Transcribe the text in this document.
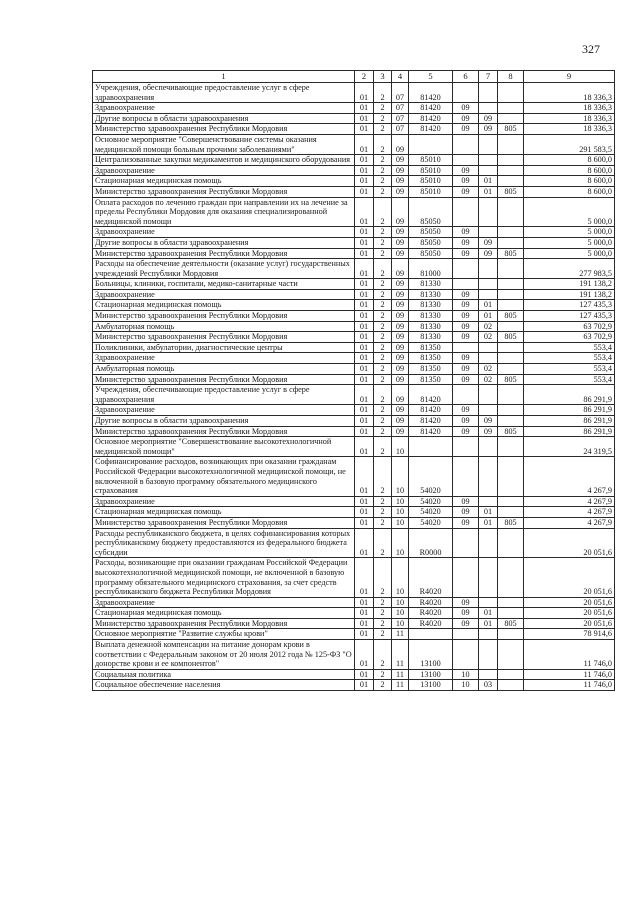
327
1	2	3	4	5	6	7	8	9
Учреждения, обеспечивающие предоставление услуг в сфере здравоохранения	01	2	07	81420				18 336,3
Здравоохранение	01	2	07	81420	09			18 336,3
Другие вопросы в области здравоохранения	01	2	07	81420	09	09		18 336,3
Министерство здравоохранения Республики Мордовия	01	2	07	81420	09	09	805	18 336,3
Основное мероприятие "Совершенствование системы оказания медицинской помощи больным прочими заболеваниями"	01	2	09					291 583,5
Централизованные закупки медикаментов и медицинского оборудования	01	2	09	85010				8 600,0
Здравоохранение	01	2	09	85010	09			8 600,0
Стационарная медицинская помощь	01	2	09	85010	09	01		8 600,0
Министерство здравоохранения Республики Мордовия	01	2	09	85010	09	01	805	8 600,0
Оплата расходов по лечению граждан при направлении их на лечение за пределы Республики Мордовия для оказания специализированной медицинской помощи	01	2	09	85050				5 000,0
Здравоохранение	01	2	09	85050	09			5 000,0
Другие вопросы в области здравоохранения	01	2	09	85050	09	09		5 000,0
Министерство здравоохранения Республики Мордовия	01	2	09	85050	09	09	805	5 000,0
Расходы на обеспечение деятельности (оказание услуг) государственных учреждений Республики Мордовия	01	2	09	81000				277 983,5
Больницы, клиники, госпитали, медико-санитарные части	01	2	09	81330				191 138,2
Здравоохранение	01	2	09	81330	09			191 138,2
Стационарная медицинская помощь	01	2	09	81330	09	01		127 435,3
Министерство здравоохранения Республики Мордовия	01	2	09	81330	09	01	805	127 435,3
Амбулаторная помощь	01	2	09	81330	09	02		63 702,9
Министерство здравоохранения Республики Мордовия	01	2	09	81330	09	02	805	63 702,9
Поликлиники, амбулатории, диагностические центры	01	2	09	81350				553,4
Здравоохранение	01	2	09	81350	09			553,4
Амбулаторная помощь	01	2	09	81350	09	02		553,4
Министерство здравоохранения Республики Мордовия	01	2	09	81350	09	02	805	553,4
Учреждения, обеспечивающие предоставление услуг в сфере здравоохранения	01	2	09	81420				86 291,9
Здравоохранение	01	2	09	81420	09			86 291,9
Другие вопросы в области здравоохранения	01	2	09	81420	09	09		86 291,9
Министерство здравоохранения Республики Мордовия	01	2	09	81420	09	09	805	86 291,9
Основное мероприятие "Совершенствование высокотехнологичной медицинской помощи"	01	2	10					24 319,5
Софинансирование расходов, возникающих при оказании гражданам Российской Федерации высокотехнологичной медицинской помощи, не включенной в базовую программу обязательного медицинского страхования	01	2	10	54020				4 267,9
Здравоохранение	01	2	10	54020	09			4 267,9
Стационарная медицинская помощь	01	2	10	54020	09	01		4 267,9
Министерство здравоохранения Республики Мордовия	01	2	10	54020	09	01	805	4 267,9
Расходы республиканского бюджета, в целях софинансирования которых республиканскому бюджету предоставляются из федерального бюджета субсидии	01	2	10	R0000				20 051,6
Расходы, возникающие при оказании гражданам Российской Федерации высокотехнологичной медицинской помощи, не включенной в базовую программу обязательного медицинского страхования, за счет средств республиканского бюджета Республики Мордовия	01	2	10	R4020				20 051,6
Здравоохранение	01	2	10	R4020	09			20 051,6
Стационарная медицинская помощь	01	2	10	R4020	09	01		20 051,6
Министерство здравоохранения Республики Мордовия	01	2	10	R4020	09	01	805	20 051,6
Основное мероприятие "Развитие службы крови"	01	2	11					78 914,6
Выплата денежной компенсации на питание донорам крови в соответствии с Федеральным законом от 20 июля 2012 года № 125-ФЗ "О донорстве крови и ее компонентов"	01	2	11	13100				11 746,0
Социальная политика	01	2	11	13100	10			11 746,0
Социальное обеспечение населения	01	2	11	13100	10	03		11 746,0
